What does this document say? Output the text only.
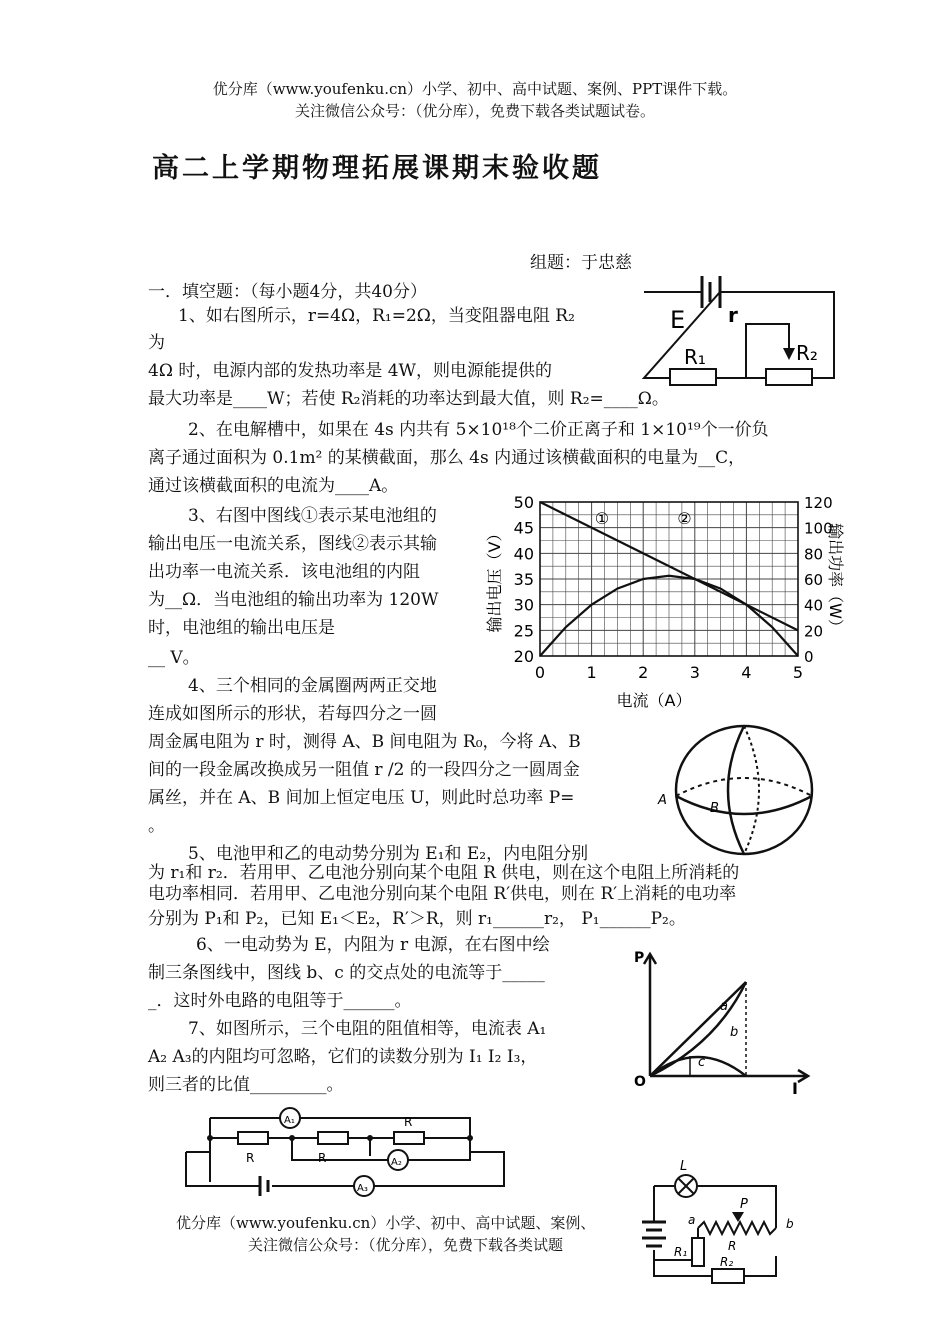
优分库（www.youfenku.cn）小学、初中、高中试题、案例、PPT课件下载。
关注微信公众号：（优分库），免费下载各类试题试卷。
高二上学期物理拓展课期末验收题
组题：于忠慈
一．填空题：（每小题4分，共40分）
1、如右图所示，r=4Ω，R₁=2Ω，当变阻器电阻 R₂
为
4Ω 时，电源内部的发热功率是 4W，则电源能提供的
最大功率是____W；若使 R₂消耗的功率达到最大值，则 R₂=____Ω。
E r
R₁	R₂
2、在电解槽中，如果在 4s 内共有 5×10¹⁸个二价正离子和 1×10¹⁹个一价负
离子通过面积为 0.1m² 的某横截面，那么 4s 内通过该横截面积的电量为__C，
通过该横截面积的电流为____A。
3、右图中图线①表示某电池组的
输出电压一电流关系，图线②表示其输
出功率一电流关系．该电池组的内阻
为__Ω．当电池组的输出功率为 120W
时，电池组的输出电压是
__ V。
0	1	2	3	4	5
20
25
30
35
40
45
50
0
20
40
60
80
100
120
①	②
输出电压（V）	输出功率（W）
电流（A）
4、三个相同的金属圈两两正交地
连成如图所示的形状，若每四分之一圆
周金属电阻为 r 时，测得 A、B 间电阻为 R₀，今将 A、B
间的一段金属改换成另一阻值 r /2 的一段四分之一圆周金
属丝，并在 A、B 间加上恒定电压 U，则此时总功率 P=
。
A
B
5、电池甲和乙的电动势分别为 E₁和 E₂，内电阻分别
为 r₁和 r₂．若用甲、乙电池分别向某个电阻 R 供电，则在这个电阻上所消耗的
电功率相同．若用甲、乙电池分别向某个电阻 R′供电，则在 R′上消耗的电功率
分别为 P₁和 P₂，已知 E₁＜E₂，R′＞R，则 r₁______r₂， P₁______P₂。
6、一电动势为 E，内阻为 r 电源，在右图中绘
制三条图线中，图线 b、c 的交点处的电流等于_____
_．这时外电路的电阻等于______。
7、如图所示，三个电阻的阻值相等，电流表 A₁
A₂ A₃的内阻均可忽略，它们的读数分别为 I₁ I₂ I₃，
则三者的比值_________。
P
I
O
a
b
c
A₁
A₂
A₃
R	R
R
优分库（www.youfenku.cn）小学、初中、高中试题、案例、
关注微信公众号：（优分库），免费下载各类试题
L
P
a	b
R
R₁
R₂
